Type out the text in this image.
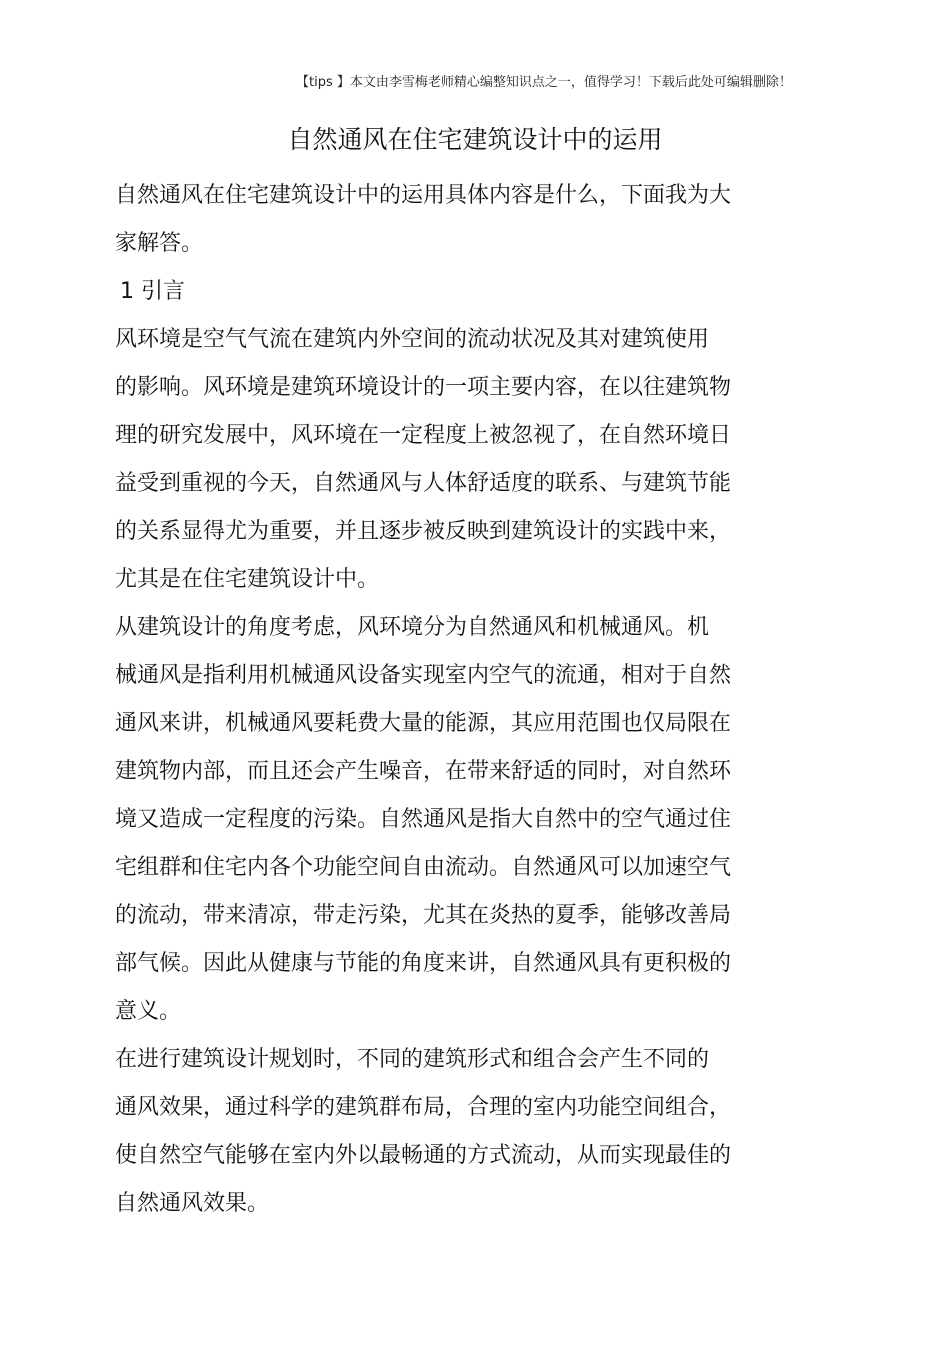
【tips 】本文由李雪梅老师精心编整知识点之一，值得学习！下载后此处可编辑删除！
自然通风在住宅建筑设计中的运用
自然通风在住宅建筑设计中的运用具体内容是什么，下面我为大
家解答。
1 引言
风环境是空气气流在建筑内外空间的流动状况及其对建筑使用
的影响。风环境是建筑环境设计的一项主要内容，在以往建筑物
理的研究发展中，风环境在一定程度上被忽视了，在自然环境日
益受到重视的今天，自然通风与人体舒适度的联系、与建筑节能
的关系显得尤为重要，并且逐步被反映到建筑设计的实践中来，
尤其是在住宅建筑设计中。
从建筑设计的角度考虑，风环境分为自然通风和机械通风。机
械通风是指利用机械通风设备实现室内空气的流通，相对于自然
通风来讲，机械通风要耗费大量的能源，其应用范围也仅局限在
建筑物内部，而且还会产生噪音，在带来舒适的同时，对自然环
境又造成一定程度的污染。自然通风是指大自然中的空气通过住
宅组群和住宅内各个功能空间自由流动。自然通风可以加速空气
的流动，带来清凉，带走污染，尤其在炎热的夏季，能够改善局
部气候。因此从健康与节能的角度来讲，自然通风具有更积极的
意义。
在进行建筑设计规划时，不同的建筑形式和组合会产生不同的
通风效果，通过科学的建筑群布局，合理的室内功能空间组合，
使自然空气能够在室内外以最畅通的方式流动，从而实现最佳的
自然通风效果。
